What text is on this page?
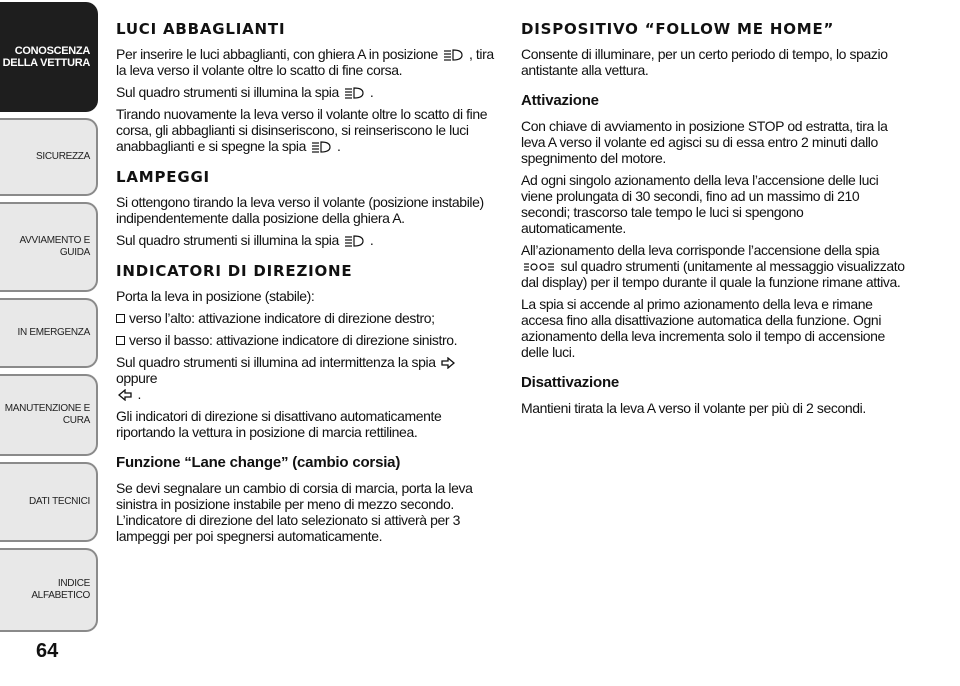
CONOSCENZA DELLA VETTURA
SICUREZZA
AVVIAMENTO E GUIDA
IN EMERGENZA
MANUTENZIONE E CURA
DATI TECNICI
INDICE ALFABETICO
64
LUCI ABBAGLIANTI

Per inserire le luci abbaglianti, con ghiera A in posizione , tira la leva verso il volante oltre lo scatto di fine corsa.

Sul quadro strumenti si illumina la spia .

Tirando nuovamente la leva verso il volante oltre lo scatto di fine corsa, gli abbaglianti si disinseriscono, si reinseriscono le luci anabbaglianti e si spegne la spia .

LAMPEGGI

Si ottengono tirando la leva verso il volante (posizione instabile) indipendentemente dalla posizione della ghiera A.

Sul quadro strumenti si illumina la spia .

INDICATORI DI DIREZIONE

Porta la leva in posizione (stabile):

verso l’alto: attivazione indicatore di direzione destro;
verso il basso: attivazione indicatore di direzione sinistro.

Sul quadro strumenti si illumina ad intermittenza la spia  oppure
.

Gli indicatori di direzione si disattivano automaticamente riportando la vettura in posizione di marcia rettilinea.

Funzione “Lane change” (cambio corsia)

Se devi segnalare un cambio di corsia di marcia, porta la leva sinistra in posizione instabile per meno di mezzo secondo. L’indicatore di direzione del lato selezionato si attiverà per 3 lampeggi per poi spegnersi automaticamente.

DISPOSITIVO “FOLLOW ME HOME”

Consente di illuminare, per un certo periodo di tempo, lo spazio antistante alla vettura.

Attivazione

Con chiave di avviamento in posizione STOP od estratta, tira la leva A verso il volante ed agisci su di essa entro 2 minuti dallo spegnimento del motore.

Ad ogni singolo azionamento della leva l’accensione delle luci viene prolungata di 30 secondi, fino ad un massimo di 210 secondi; trascorso tale tempo le luci si spengono automaticamente.

All’azionamento della leva corrisponde l’accensione della spia
sul quadro strumenti (unitamente al messaggio visualizzato dal display) per il tempo durante il quale la funzione rimane attiva.

La spia si accende al primo azionamento della leva e rimane accesa fino alla disattivazione automatica della funzione. Ogni azionamento della leva incrementa solo il tempo di accensione delle luci.

Disattivazione

Mantieni tirata la leva A verso il volante per più di 2 secondi.
